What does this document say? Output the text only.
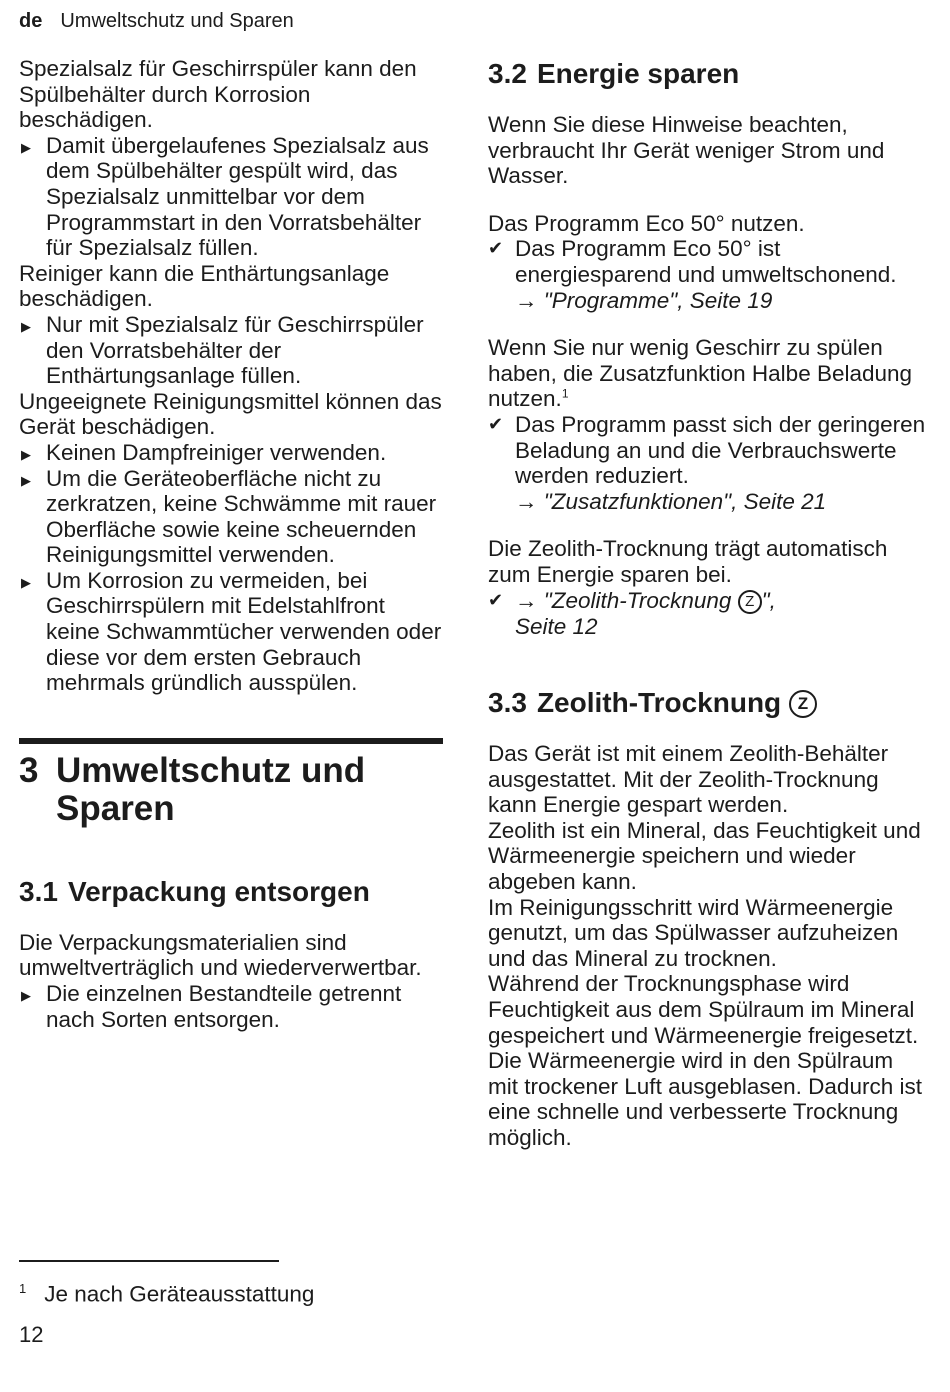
de Umweltschutz und Sparen

Spezialsalz für Geschirrspüler kann den Spülbehälter durch Korrosion beschädigen.

▶ Damit übergelaufenes Spezialsalz aus dem Spülbehälter gespült wird, das Spezialsalz unmittelbar vor dem Programmstart in den Vorratsbehälter für Spezialsalz füllen.

Reiniger kann die Enthärtungsanlage beschädigen.

▶ Nur mit Spezialsalz für Geschirrspüler den Vorratsbehälter der Enthärtungsanlage füllen.

Ungeeignete Reinigungsmittel können das Gerät beschädigen.

▶ Keinen Dampfreiniger verwenden.
▶ Um die Geräteoberfläche nicht zu zerkratzen, keine Schwämme mit rauer Oberfläche sowie keine scheuernden Reinigungsmittel verwenden.
▶ Um Korrosion zu vermeiden, bei Geschirrspülern mit Edelstahlfront keine Schwammtücher verwenden oder diese vor dem ersten Gebrauch mehrmals gründlich ausspülen.
3 Umweltschutz und Sparen
3.1 Verpackung entsorgen

Die Verpackungsmaterialien sind umweltverträglich und wiederverwertbar.

▶ Die einzelnen Bestandteile getrennt nach Sorten entsorgen.
3.2 Energie sparen

Wenn Sie diese Hinweise beachten, verbraucht Ihr Gerät weniger Strom und Wasser.

Das Programm Eco 50° nutzen.

✔ Das Programm Eco 50° ist energiesparend und umweltschonend.
→ "Programme", Seite 19

Wenn Sie nur wenig Geschirr zu spülen haben, die Zusatzfunktion Halbe Beladung nutzen.$^1$

✔ Das Programm passt sich der geringeren Beladung an und die Verbrauchswerte werden reduziert.
→ "Zusatzfunktionen", Seite 21

Die Zeolith-Trocknung trägt automatisch zum Energie sparen bei.

✔ → "Zeolith-Trocknung Z ",
Seite 12
3.3 Zeolith-Trocknung Z

Das Gerät ist mit einem Zeolith-Behälter ausgestattet. Mit der Zeolith-Trocknung kann Energie gespart werden.

Zeolith ist ein Mineral, das Feuchtigkeit und Wärmeenergie speichern und wieder abgeben kann.

Im Reinigungsschritt wird Wärmeenergie genutzt, um das Spülwasser aufzuheizen und das Mineral zu trocknen.

Während der Trocknungsphase wird Feuchtigkeit aus dem Spülraum im Mineral gespeichert und Wärmeenergie freigesetzt. Die Wärmeenergie wird in den Spülraum mit trockener Luft ausgeblasen. Dadurch ist eine schnelle und verbesserte Trocknung möglich.

$^1$ Je nach Geräteausstattung
12
